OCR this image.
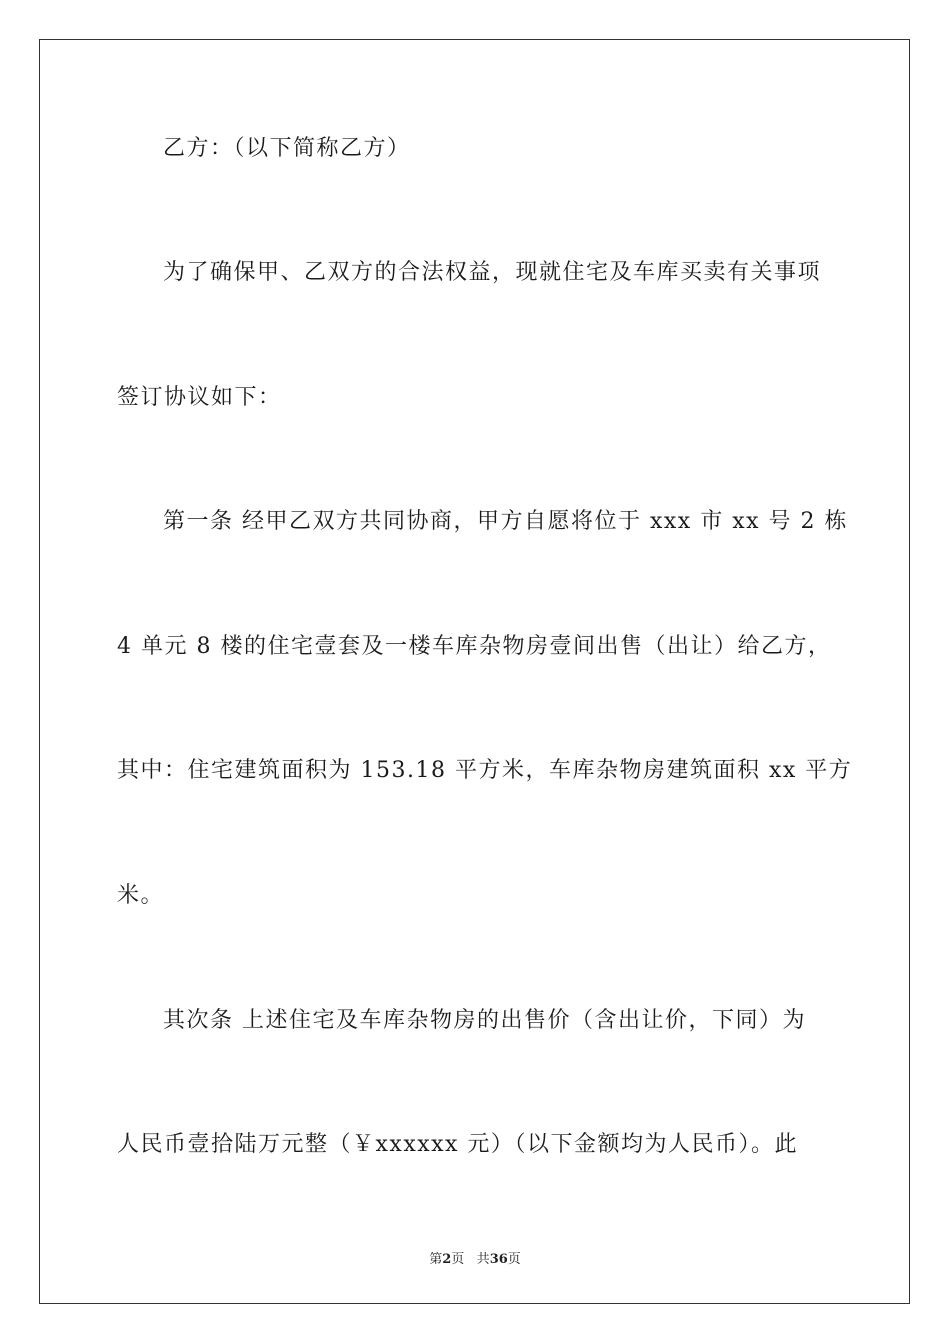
乙方：（以下简称乙方）
为了确保甲、乙双方的合法权益，现就住宅及车库买卖有关事项
签订协议如下：
第一条 经甲乙双方共同协商，甲方自愿将位于 xxx 市 xx 号 2 栋
4 单元 8 楼的住宅壹套及一楼车库杂物房壹间出售（出让）给乙方，
其中：住宅建筑面积为 153.18 平方米，车库杂物房建筑面积 xx 平方
米。
其次条 上述住宅及车库杂物房的出售价（含出让价，下同）为
人民币壹拾陆万元整（￥xxxxxx 元）（以下金额均为人民币）。此
第2页 共36页
